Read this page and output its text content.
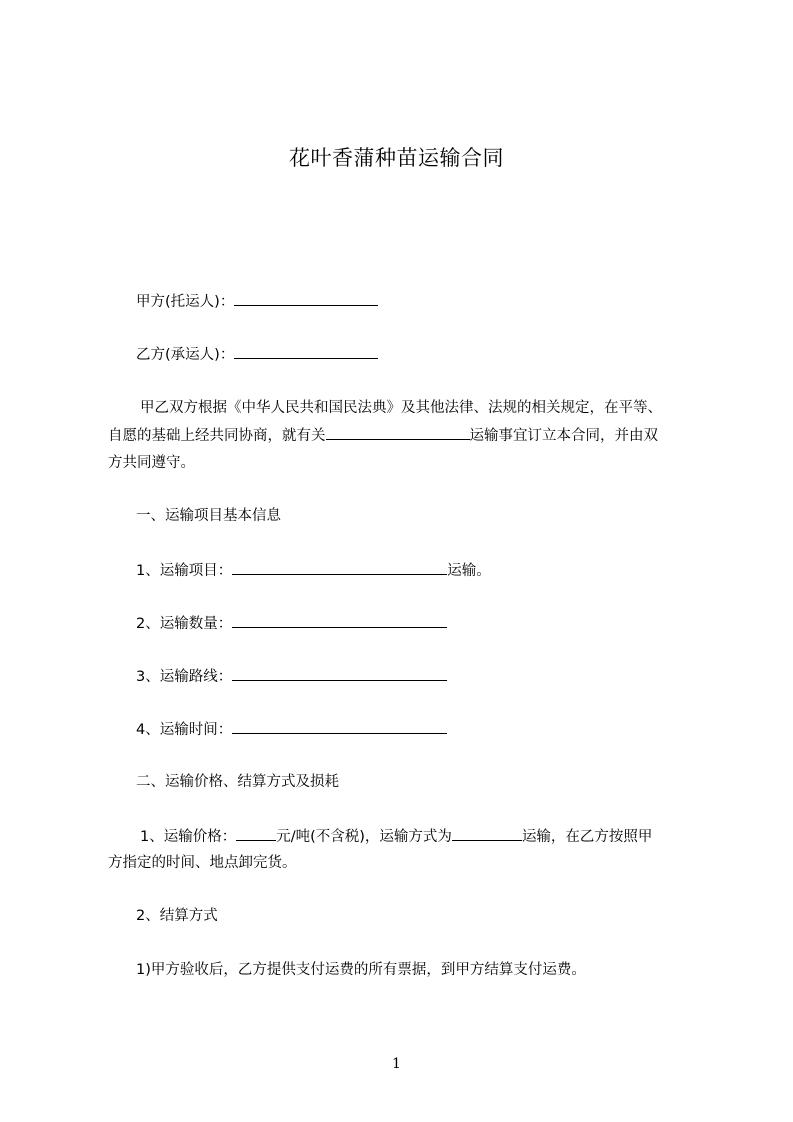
花叶香蒲种苗运输合同
甲方(托运人)：
乙方(承运人)：
甲乙双方根据《中华人民共和国民法典》及其他法律、法规的相关规定，在平等、
自愿的基础上经共同协商，就有关	运输事宜订立本合同，并由双
方共同遵守。
一、运输项目基本信息
1、运输项目：	运输。
2、运输数量：
3、运输路线：
4、运输时间：
二、运输价格、结算方式及损耗
1、运输价格：	元/吨(不含税)，运输方式为	运输，在乙方按照甲
方指定的时间、地点卸完货。
2、结算方式
1)甲方验收后，乙方提供支付运费的所有票据，到甲方结算支付运费。
1
